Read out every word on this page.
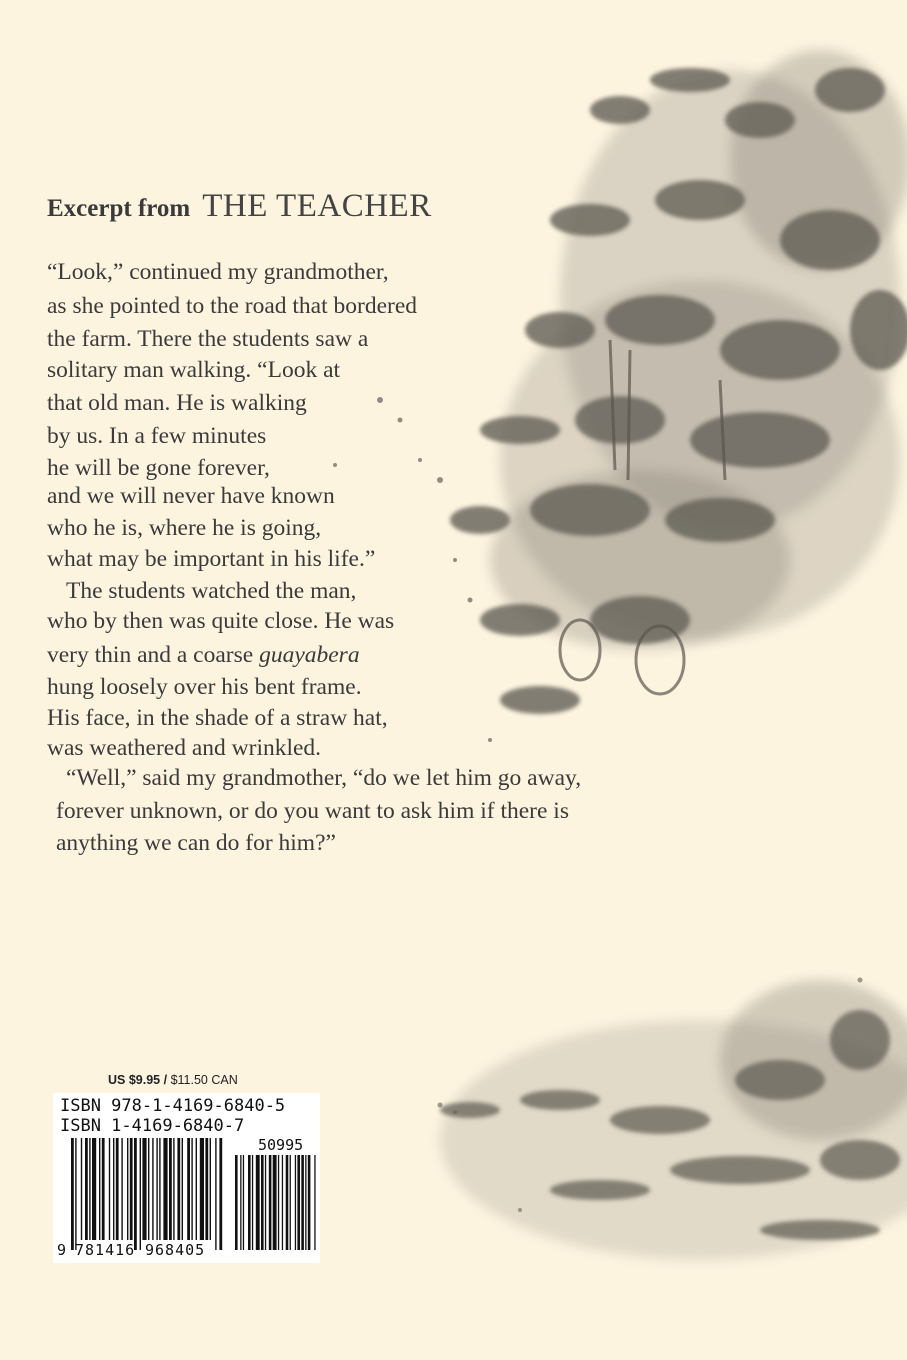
Excerpt from THE TEACHER
“Look,” continued my grandmother,
as she pointed to the road that bordered
the farm. There the students saw a
solitary man walking. “Look at
that old man. He is walking
by us. In a few minutes
he will be gone forever,
and we will never have known
who he is, where he is going,
what may be important in his life.”
The students watched the man,
who by then was quite close. He was
very thin and a coarse guayabera
hung loosely over his bent frame.
His face, in the shade of a straw hat,
was weathered and wrinkled.
“Well,” said my grandmother, “do we let him go away,
forever unknown, or do you want to ask him if there is
anything we can do for him?”
US $9.95 / $11.50 CAN
ISBN 978-1-4169-6840-5
ISBN 1-4169-6840-7
50995
9 781416 968405
